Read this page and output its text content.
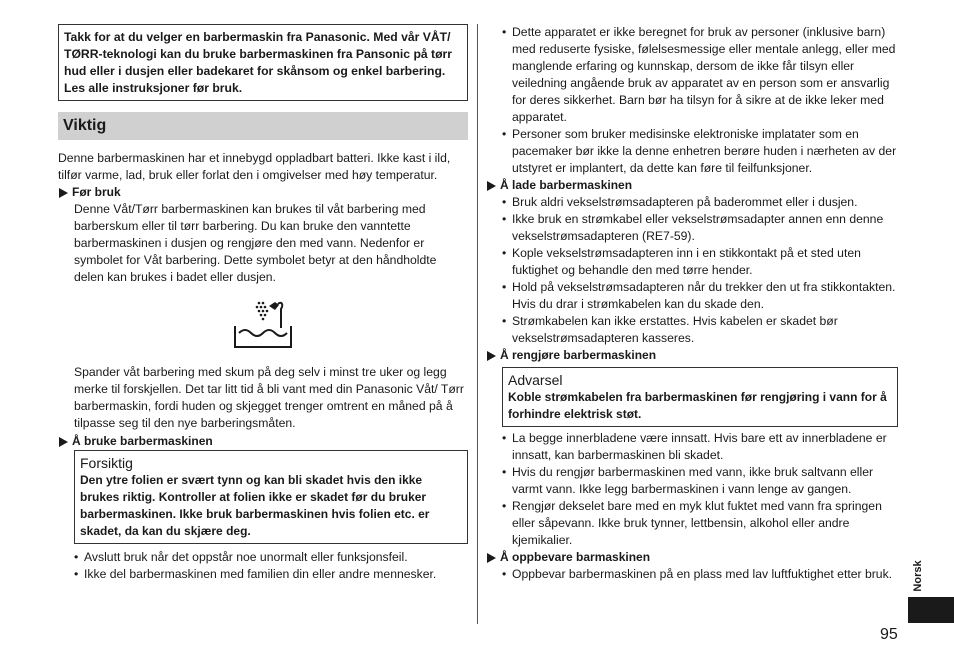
Takk for at du velger en barbermaskin fra Panasonic. Med vår VÅT/ TØRR-teknologi kan du bruke barbermaskinen fra Pansonic på tørr hud eller i dusjen eller badekaret for skånsom og enkel barbering. Les alle instruksjoner før bruk.
Viktig
Denne barbermaskinen har et innebygd oppladbart batteri. Ikke kast i ild, tilfør varme, lad, bruk eller forlat den i omgivelser med høy temperatur.
Før bruk
Denne Våt/Tørr barbermaskinen kan brukes til våt barbering med barberskum eller til tørr barbering. Du kan bruke den vanntette barbermaskinen i dusjen og rengjøre den med vann. Nedenfor er symbolet for Våt barbering. Dette symbolet betyr at den håndholdte delen kan brukes i badet eller dusjen.
Spander våt barbering med skum på deg selv i minst tre uker og legg merke til forskjellen. Det tar litt tid å bli vant med din Panasonic Våt/ Tørr barbermaskin, fordi huden og skjegget trenger omtrent en måned på å tilpasse seg til den nye barberingsmåten.
Å bruke barbermaskinen
Forsiktig
Den ytre folien er svært tynn og kan bli skadet hvis den ikke brukes riktig. Kontroller at folien ikke er skadet før du bruker barbermaskinen. Ikke bruk barbermaskinen hvis folien etc. er skadet, da kan du skjære deg.
• Avslutt bruk når det oppstår noe unormalt eller funksjonsfeil.
• Ikke del barbermaskinen med familien din eller andre mennesker.
• Dette apparatet er ikke beregnet for bruk av personer (inklusive barn) med reduserte fysiske, følelsesmessige eller mentale anlegg, eller med manglende erfaring og kunnskap, dersom de ikke får tilsyn eller veiledning angående bruk av apparatet av en person som er ansvarlig for deres sikkerhet. Barn bør ha tilsyn for å sikre at de ikke leker med apparatet.
• Personer som bruker medisinske elektroniske implatater som en pacemaker bør ikke la denne enhetren berøre huden i nærheten av der utstyret er implantert, da dette kan føre til feilfunksjoner.
Å lade barbermaskinen
• Bruk aldri vekselstrømsadapteren på baderommet eller i dusjen.
• Ikke bruk en strømkabel eller vekselstrømsadapter annen enn denne vekselstrømsadapteren (RE7-59).
• Kople vekselstrømsadapteren inn i en stikkontakt på et sted uten fuktighet og behandle den med tørre hender.
• Hold på vekselstrømsadapteren når du trekker den ut fra stikkontakten. Hvis du drar i strømkabelen kan du skade den.
• Strømkabelen kan ikke erstattes. Hvis kabelen er skadet bør vekselstrømsadapteren kasseres.
Å rengjøre barbermaskinen
Advarsel
Koble strømkabelen fra barbermaskinen før rengjøring i vann for å forhindre elektrisk støt.
• La begge innerbladene være innsatt. Hvis bare ett av innerbladene er innsatt, kan barbermaskinen bli skadet.
• Hvis du rengjør barbermaskinen med vann, ikke bruk saltvann eller varmt vann. Ikke legg barbermaskinen i vann lenge av gangen.
• Rengjør dekselet bare med en myk klut fuktet med vann fra springen eller såpevann. Ikke bruk tynner, lettbensin, alkohol eller andre kjemikalier.
Å oppbevare barmaskinen
• Oppbevar barbermaskinen på en plass med lav luftfuktighet etter bruk.	Norsk
95
